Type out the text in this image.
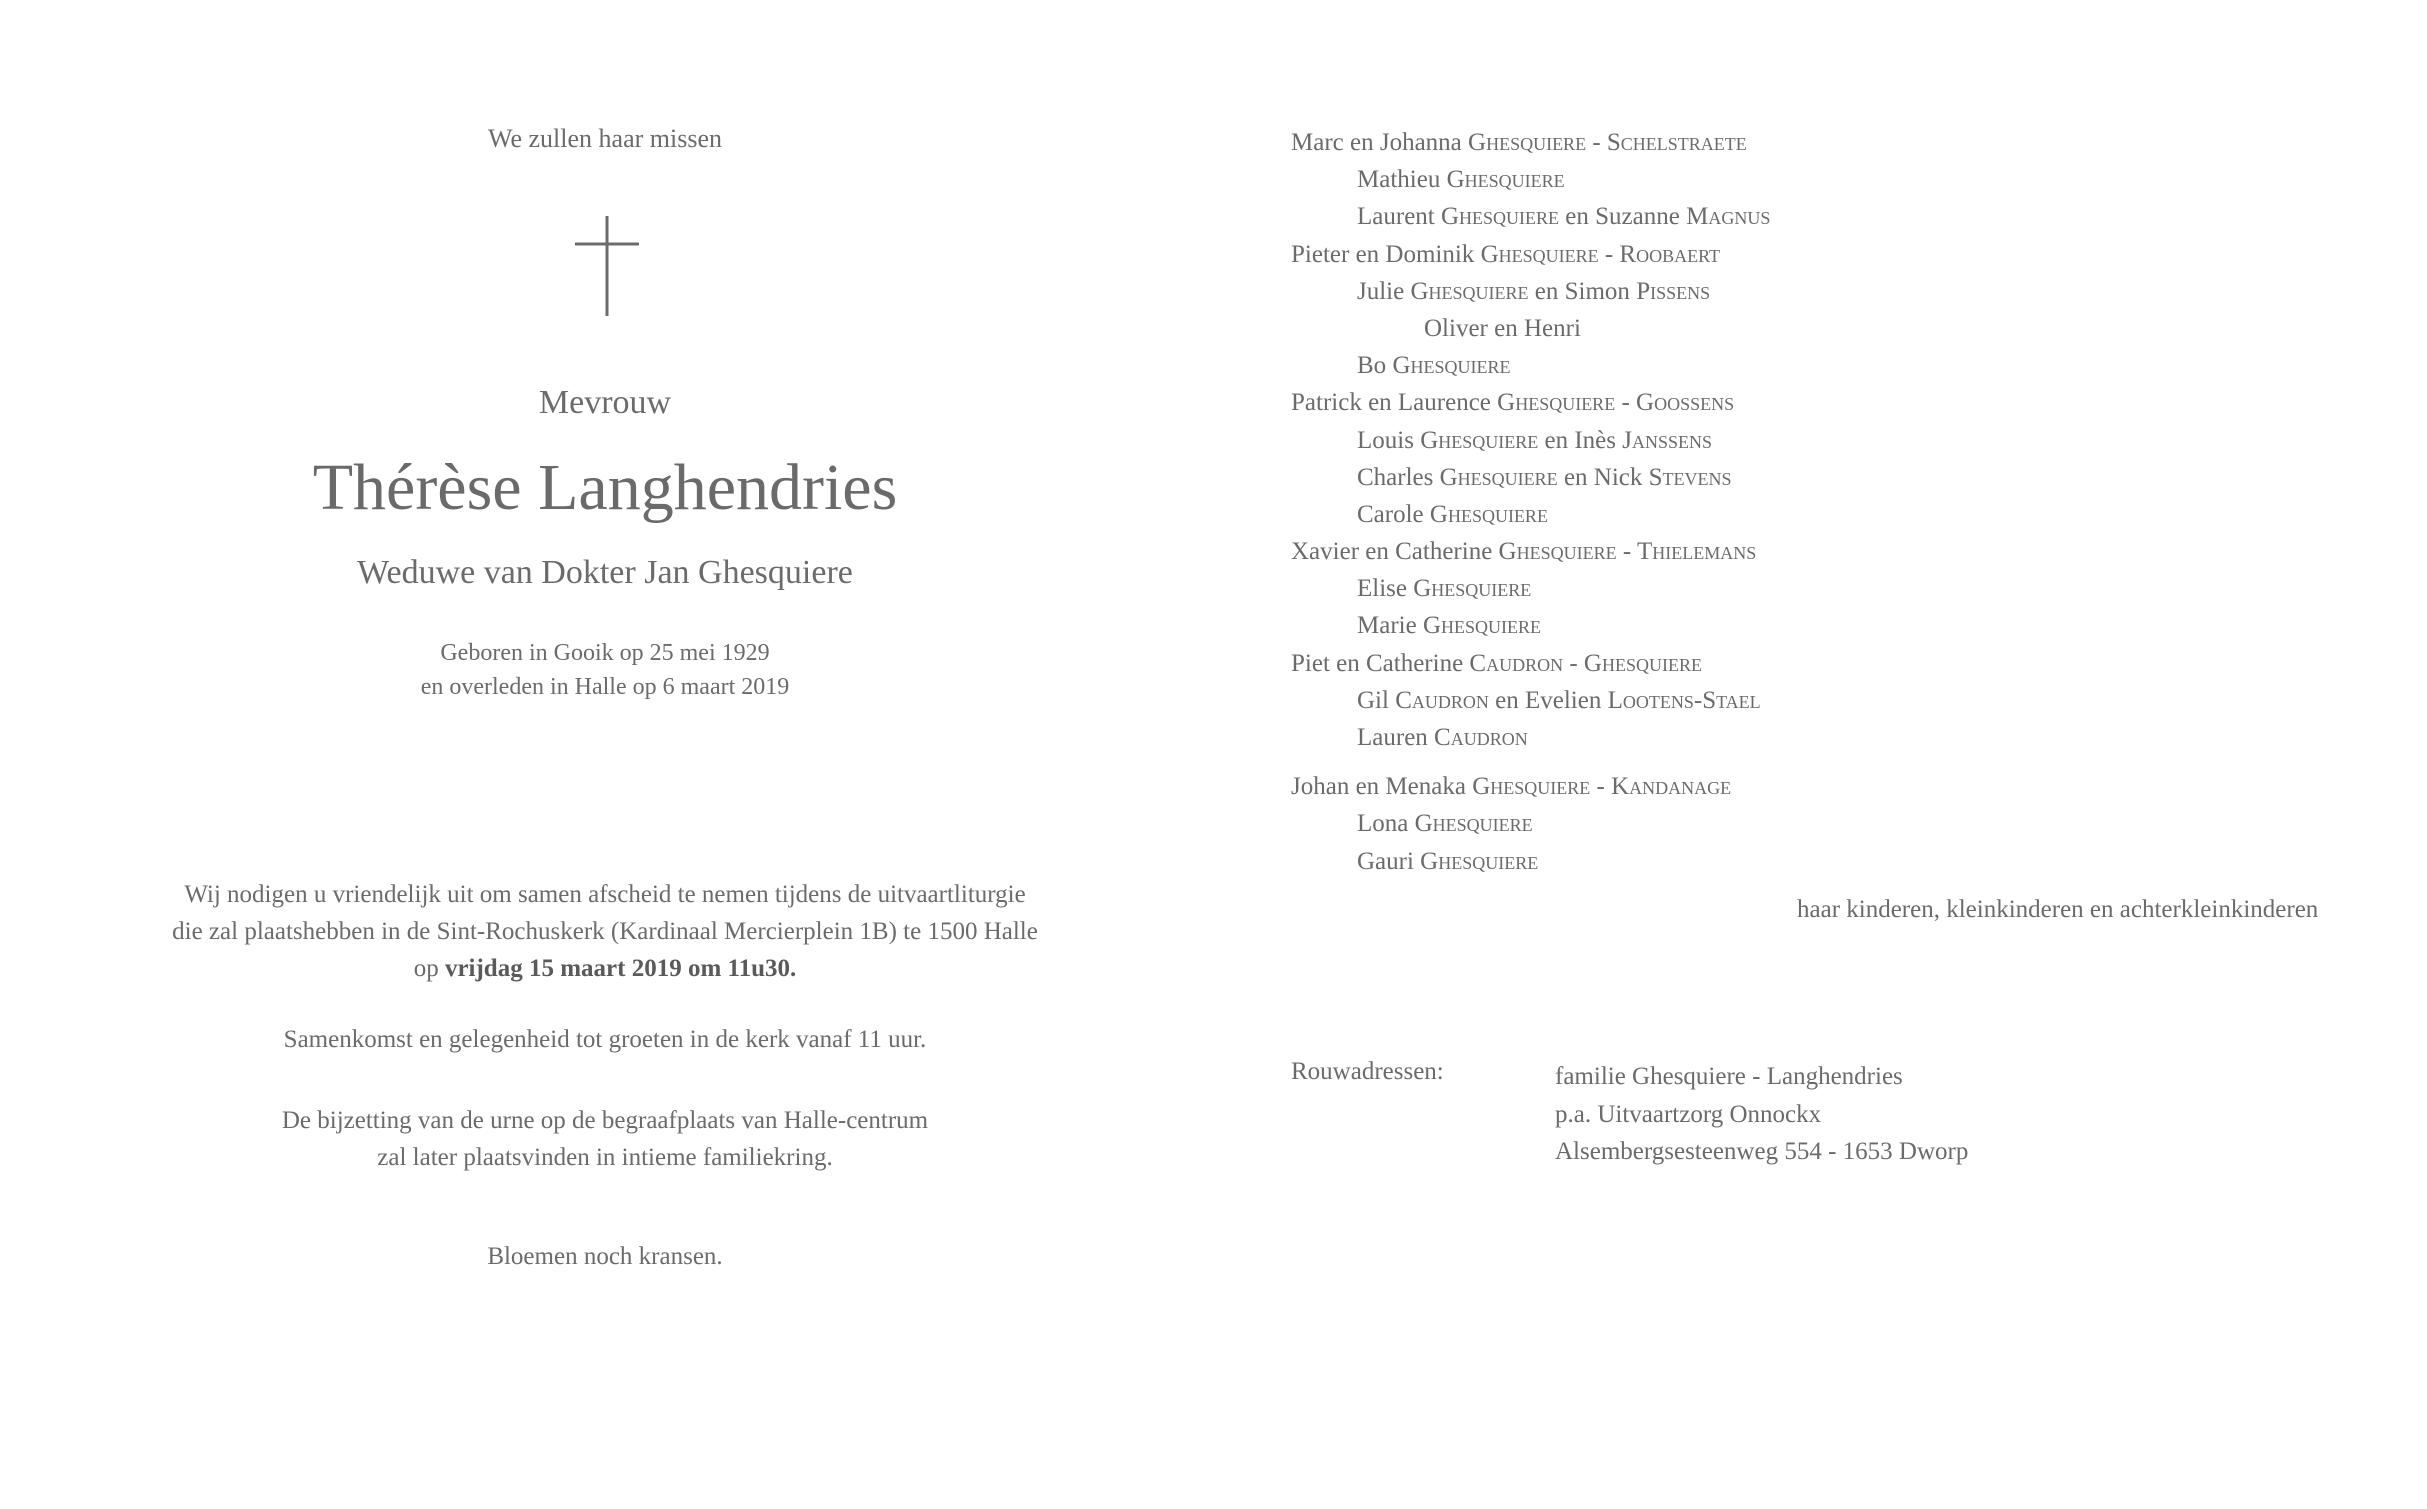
We zullen haar missen
Mevrouw
Thérèse Langhendries
Weduwe van Dokter Jan Ghesquiere
Geboren in Gooik op 25 mei 1929
en overleden in Halle op 6 maart 2019
Wij nodigen u vriendelijk uit om samen afscheid te nemen tijdens de uitvaartliturgie
die zal plaatshebben in de Sint-Rochuskerk (Kardinaal Mercierplein 1B) te 1500 Halle
op vrijdag 15 maart 2019 om 11u30.
Samenkomst en gelegenheid tot groeten in de kerk vanaf 11 uur.
De bijzetting van de urne op de begraafplaats van Halle-centrum
zal later plaatsvinden in intieme familiekring.
Bloemen noch kransen.
Marc en Johanna Ghesquiere - Schelstraete
Mathieu Ghesquiere
Laurent Ghesquiere en Suzanne Magnus
Pieter en Dominik Ghesquiere - Roobaert
Julie Ghesquiere en Simon Pissens
Oliver en Henri
Bo Ghesquiere
Patrick en Laurence Ghesquiere - Goossens
Louis Ghesquiere en Inès Janssens
Charles Ghesquiere en Nick Stevens
Carole Ghesquiere
Xavier en Catherine Ghesquiere - Thielemans
Elise Ghesquiere
Marie Ghesquiere
Piet en Catherine Caudron - Ghesquiere
Gil Caudron en Evelien Lootens-Stael
Lauren Caudron
Johan en Menaka Ghesquiere - Kandanage
Lona Ghesquiere
Gauri Ghesquiere
haar kinderen, kleinkinderen en achterkleinkinderen
Rouwadressen:	familie Ghesquiere - Langhendries
p.a. Uitvaartzorg Onnockx
Alsembergsesteenweg 554 - 1653 Dworp
